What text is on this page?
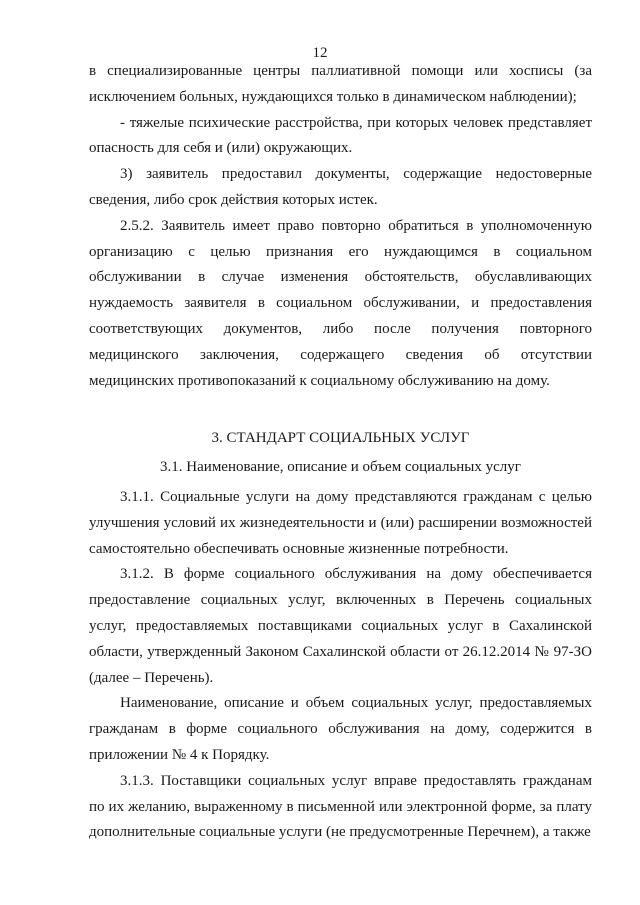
12

в специализированные центры паллиативной помощи или хосписы (за исключением больных, нуждающихся только в динамическом наблюдении);

- тяжелые психические расстройства, при которых человек представляет опасность для себя и (или) окружающих.

3) заявитель предоставил документы, содержащие недостоверные сведения, либо срок действия которых истек.

2.5.2. Заявитель имеет право повторно обратиться в уполномоченную организацию с целью признания его нуждающимся в социальном обслуживании в случае изменения обстоятельств, обуславливающих нуждаемость заявителя в социальном обслуживании, и предоставления соответствующих документов, либо после получения повторного медицинского заключения, содержащего сведения об отсутствии медицинских противопоказаний к социальному обслуживанию на дому.

3. СТАНДАРТ СОЦИАЛЬНЫХ УСЛУГ

3.1. Наименование, описание и объем социальных услуг

3.1.1. Социальные услуги на дому представляются гражданам с целью улучшения условий их жизнедеятельности и (или) расширении возможностей самостоятельно обеспечивать основные жизненные потребности.

3.1.2. В форме социального обслуживания на дому обеспечивается предоставление социальных услуг, включенных в Перечень социальных услуг, предоставляемых поставщиками социальных услуг в Сахалинской области, утвержденный Законом Сахалинской области от 26.12.2014 № 97-ЗО (далее – Перечень).

Наименование, описание и объем социальных услуг, предоставляемых гражданам в форме социального обслуживания на дому, содержится в приложении № 4 к Порядку.

3.1.3. Поставщики социальных услуг вправе предоставлять гражданам по их желанию, выраженному в письменной или электронной форме, за плату дополнительные социальные услуги (не предусмотренные Перечнем), а также
